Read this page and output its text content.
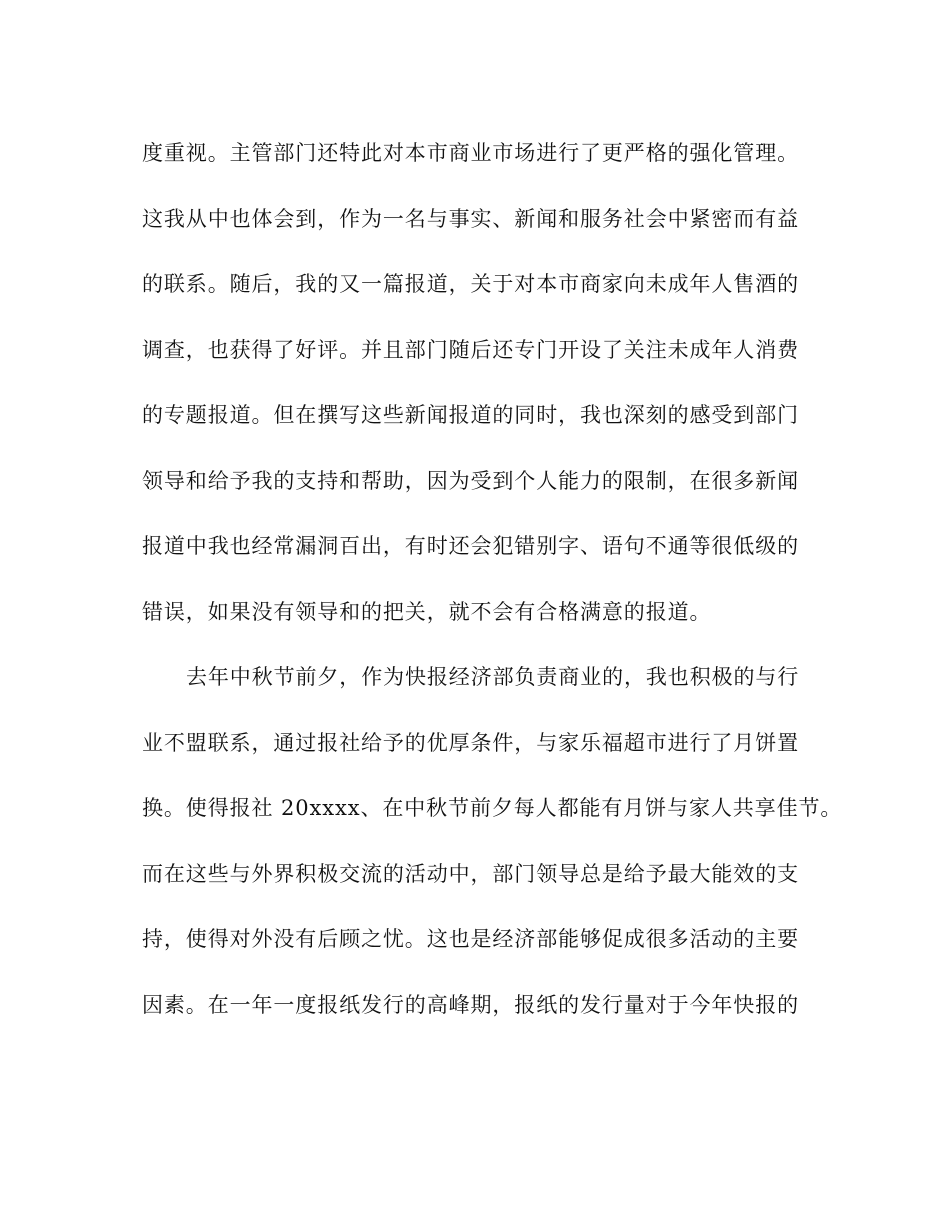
度重视。主管部门还特此对本市商业市场进行了更严格的强化管理。
这我从中也体会到，作为一名与事实、新闻和服务社会中紧密而有益
的联系。随后，我的又一篇报道，关于对本市商家向未成年人售酒的
调查，也获得了好评。并且部门随后还专门开设了关注未成年人消费
的专题报道。但在撰写这些新闻报道的同时，我也深刻的感受到部门
领导和给予我的支持和帮助，因为受到个人能力的限制，在很多新闻
报道中我也经常漏洞百出，有时还会犯错别字、语句不通等很低级的
错误，如果没有领导和的把关，就不会有合格满意的报道。
去年中秋节前夕，作为快报经济部负责商业的，我也积极的与行
业不盟联系，通过报社给予的优厚条件，与家乐福超市进行了月饼置
换。使得报社 20xxxx、在中秋节前夕每人都能有月饼与家人共享佳节。
而在这些与外界积极交流的活动中，部门领导总是给予最大能效的支
持，使得对外没有后顾之忧。这也是经济部能够促成很多活动的主要
因素。在一年一度报纸发行的高峰期，报纸的发行量对于今年快报的
